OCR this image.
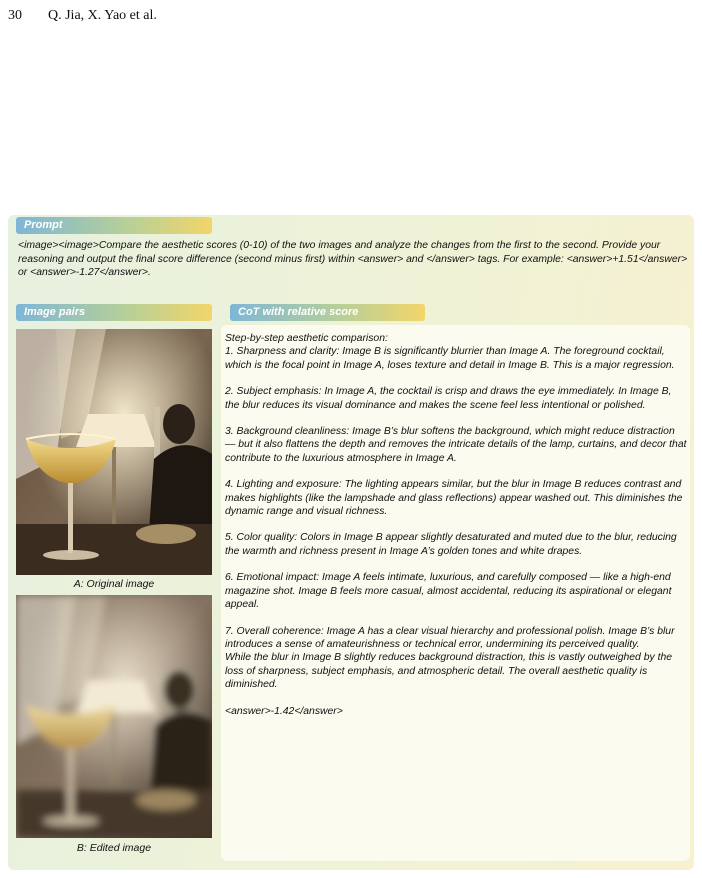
30 Q. Jia, X. Yao et al.
Prompt
<image><image>Compare the aesthetic scores (0-10) of the two images and analyze the changes from the first to the second. Provide your reasoning and output the final score difference (second minus first) within <answer> and </answer> tags. For example: <answer>+1.51</answer> or <answer>-1.27</answer>.
Image pairs	CoT with relative score
A: Original image
B: Edited image

Step-by-step aesthetic comparison:

1. Sharpness and clarity: Image B is significantly blurrier than Image A. The foreground cocktail, which is the focal point in Image A, loses texture and detail in Image B. This is a major regression.

2. Subject emphasis: In Image A, the cocktail is crisp and draws the eye immediately. In Image B, the blur reduces its visual dominance and makes the scene feel less intentional or polished.

3. Background cleanliness: Image B’s blur softens the background, which might reduce distraction — but it also flattens the depth and removes the intricate details of the lamp, curtains, and decor that contribute to the luxurious atmosphere in Image A.

4. Lighting and exposure: The lighting appears similar, but the blur in Image B reduces contrast and makes highlights (like the lampshade and glass reflections) appear washed out. This diminishes the dynamic range and visual richness.

5. Color quality: Colors in Image B appear slightly desaturated and muted due to the blur, reducing the warmth and richness present in Image A’s golden tones and white drapes.

6. Emotional impact: Image A feels intimate, luxurious, and carefully composed — like a high-end magazine shot. Image B feels more casual, almost accidental, reducing its aspirational or elegant appeal.

7. Overall coherence: Image A has a clear visual hierarchy and professional polish. Image B’s blur introduces a sense of amateurishness or technical error, undermining its perceived quality.

While the blur in Image B slightly reduces background distraction, this is vastly outweighed by the loss of sharpness, subject emphasis, and atmospheric detail. The overall aesthetic quality is diminished.

<answer>-1.42</answer>
